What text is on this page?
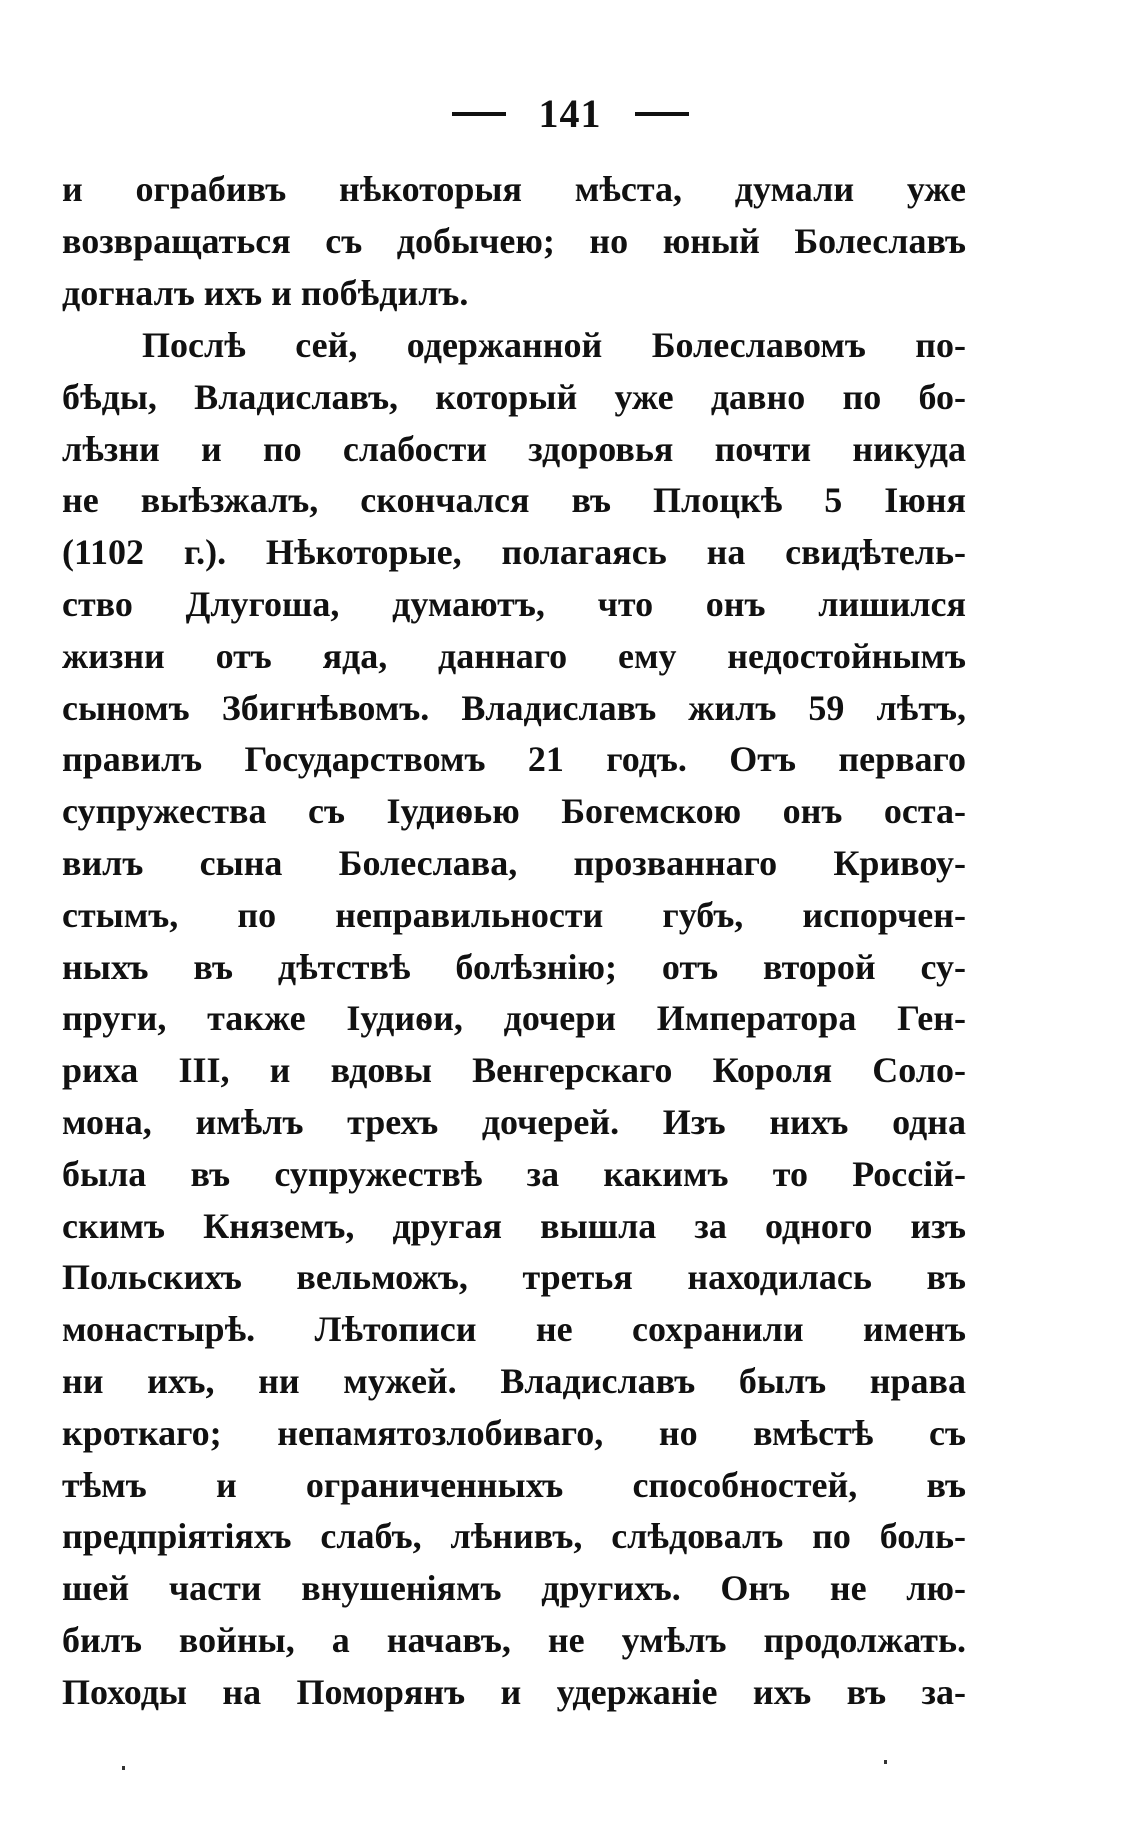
141
и ограбивъ нѣкоторыя мѣста, думали уже
возвращаться съ добычею; но юный Болеславъ
догналъ ихъ и побѣдилъ.
Послѣ сей, одержанной Болеславомъ по-
бѣды, Владиславъ, который уже давно по бо-
лѣзни и по слабости здоровья почти никуда
не выѣзжалъ, скончался въ Плоцкѣ 5 Іюня
(1102 г.). Нѣкоторые, полагаясь на свидѣтель-
ство Длугоша, думаютъ, что онъ лишился
жизни отъ яда, даннаго ему недостойнымъ
сыномъ Збигнѣвомъ. Владиславъ жилъ 59 лѣтъ,
правилъ Государствомъ 21 годъ. Отъ перваго
супружества съ Іудиѳью Богемскою онъ оста-
вилъ сына Болеслава, прозваннаго Кривоу-
стымъ, по неправильности губъ, испорчен-
ныхъ въ дѣтствѣ болѣзнію; отъ второй су-
пруги, также Іудиѳи, дочери Императора Ген-
риха III, и вдовы Венгерскаго Короля Соло-
мона, имѣлъ трехъ дочерей. Изъ нихъ одна
была въ супружествѣ за какимъ то Россій-
скимъ Княземъ, другая вышла за одного изъ
Польскихъ вельможъ, третья находилась въ
монастырѣ. Лѣтописи не сохранили именъ
ни ихъ, ни мужей. Владиславъ былъ нрава
кроткаго; непамятозлобиваго, но вмѣстѣ съ
тѣмъ и ограниченныхъ способностей, въ
предпріятіяхъ слабъ, лѣнивъ, слѣдовалъ по боль-
шей части внушеніямъ другихъ. Онъ не лю-
билъ войны, а начавъ, не умѣлъ продолжать.
Походы на Поморянъ и удержаніе ихъ въ за-
